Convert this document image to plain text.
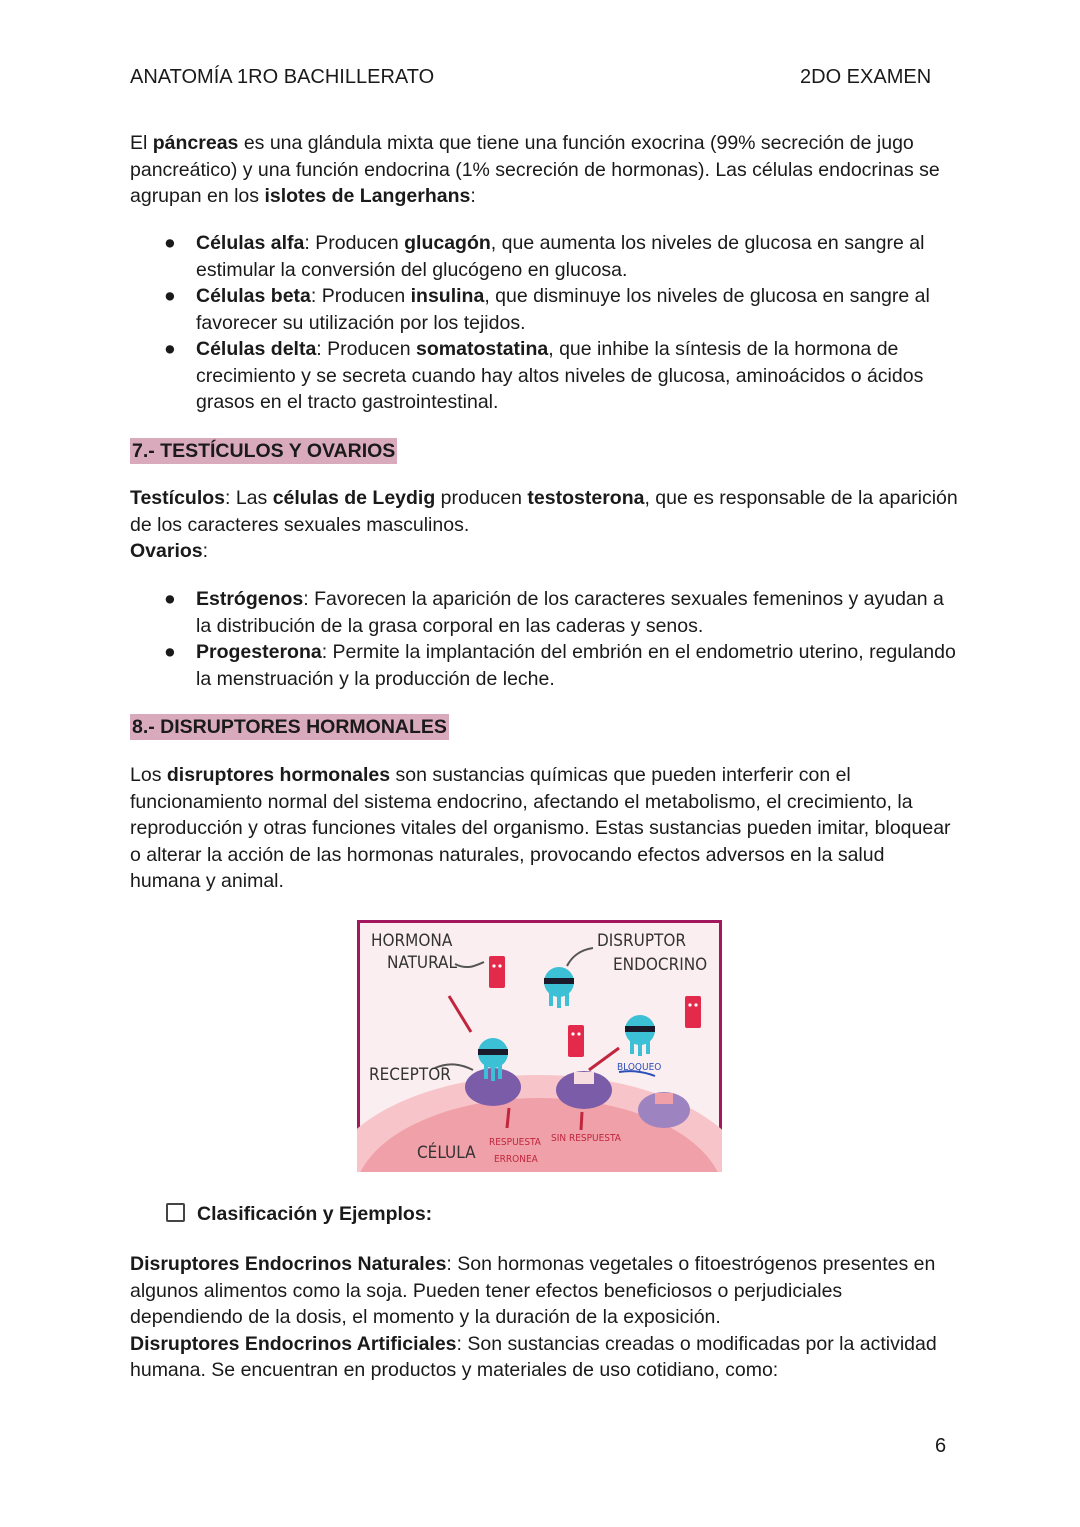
ANATOMÍA 1RO BACHILLERATO	2DO EXAMEN

El páncreas es una glándula mixta que tiene una función exocrina (99% secreción de jugo pancreático) y una función endocrina (1% secreción de hormonas). Las células endocrinas se agrupan en los islotes de Langerhans:

● Células alfa: Producen glucagón, que aumenta los niveles de glucosa en sangre al estimular la conversión del glucógeno en glucosa.
● Células beta: Producen insulina, que disminuye los niveles de glucosa en sangre al favorecer su utilización por los tejidos.
● Células delta: Producen somatostatina, que inhibe la síntesis de la hormona de crecimiento y se secreta cuando hay altos niveles de glucosa, aminoácidos o ácidos grasos en el tracto gastrointestinal.
7.- TESTÍCULOS Y OVARIOS

Testículos: Las células de Leydig producen testosterona, que es responsable de la aparición de los caracteres sexuales masculinos.
Ovarios:

● Estrógenos: Favorecen la aparición de los caracteres sexuales femeninos y ayudan a la distribución de la grasa corporal en las caderas y senos.
● Progesterona: Permite la implantación del embrión en el endometrio uterino, regulando la menstruación y la producción de leche.
8.- DISRUPTORES HORMONALES

Los disruptores hormonales son sustancias químicas que pueden interferir con el funcionamiento normal del sistema endocrino, afectando el metabolismo, el crecimiento, la reproducción y otras funciones vitales del organismo. Estas sustancias pueden imitar, bloquear o alterar la acción de las hormonas naturales, provocando efectos adversos en la salud humana y animal.

HORMONA
NATURAL
DISRUPTOR
ENDOCRINO
RECEPTOR	BLOQUEO
CÉLULA
RESPUESTA
ERRONEA
SIN RESPUESTA
Clasificación y Ejemplos:

Disruptores Endocrinos Naturales: Son hormonas vegetales o fitoestrógenos presentes en algunos alimentos como la soja. Pueden tener efectos beneficiosos o perjudiciales dependiendo de la dosis, el momento y la duración de la exposición.
Disruptores Endocrinos Artificiales: Son sustancias creadas o modificadas por la actividad humana. Se encuentran en productos y materiales de uso cotidiano, como:

6
